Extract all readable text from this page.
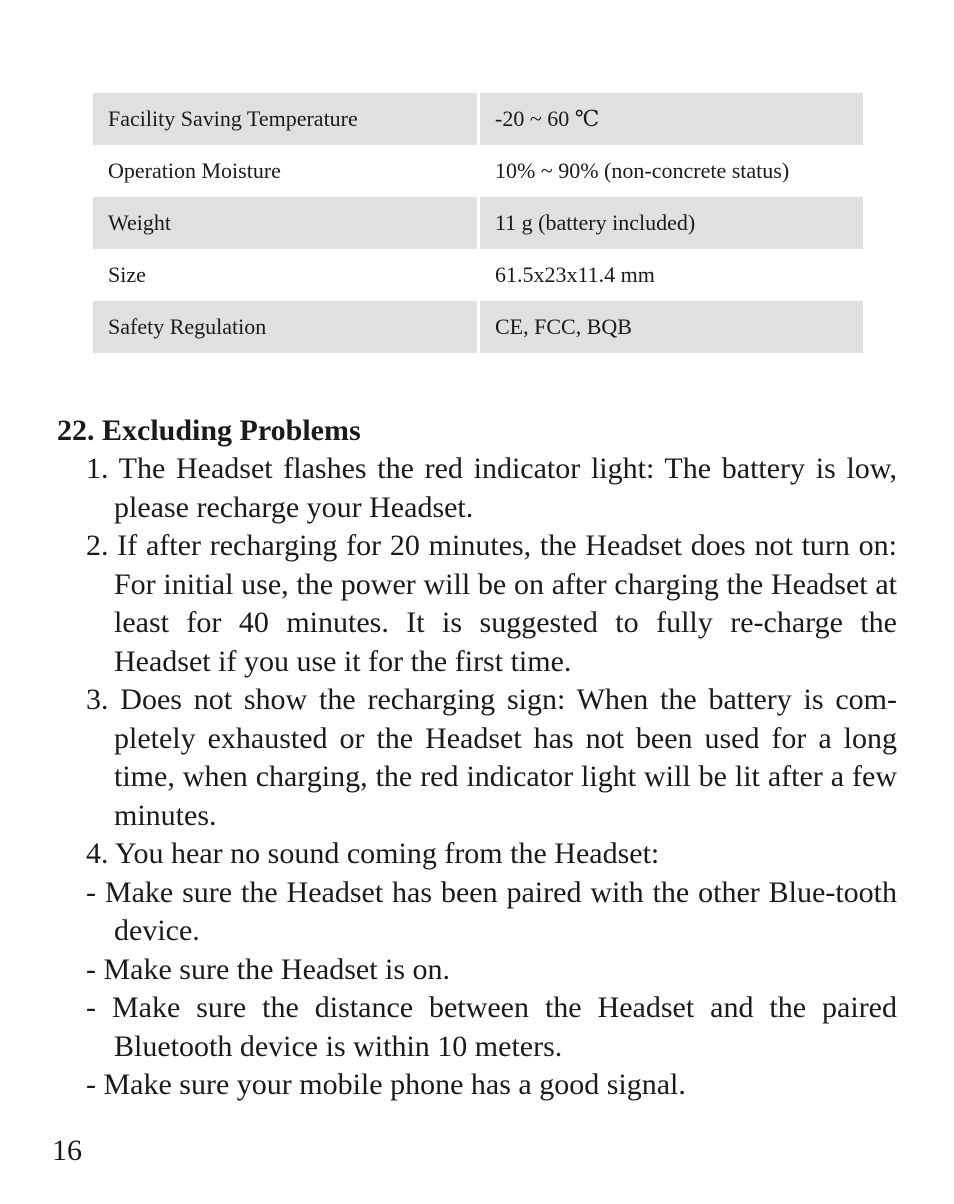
Facility Saving Temperature	-20 ~ 60 ℃
Operation Moisture	10% ~ 90% (non-concrete status)
Weight	11 g (battery included)
Size	61.5x23x11.4 mm
Safety Regulation	CE, FCC, BQB
22. Excluding Problems

1. The Headset flashes the red indicator light: The battery is low, please recharge your Headset.

2. If after recharging for 20 minutes, the Headset does not turn on: For initial use, the power will be on after charging the Headset at least for 40 minutes. It is suggested to fully re-charge the Headset if you use it for the first time.

3. Does not show the recharging sign: When the battery is com-pletely exhausted or the Headset has not been used for a long time, when charging, the red indicator light will be lit after a few minutes.

4. You hear no sound coming from the Headset:

- Make sure the Headset has been paired with the other Blue-tooth device.

- Make sure the Headset is on.

- Make sure the distance between the Headset and the paired Bluetooth device is within 10 meters.

- Make sure your mobile phone has a good signal.

16
